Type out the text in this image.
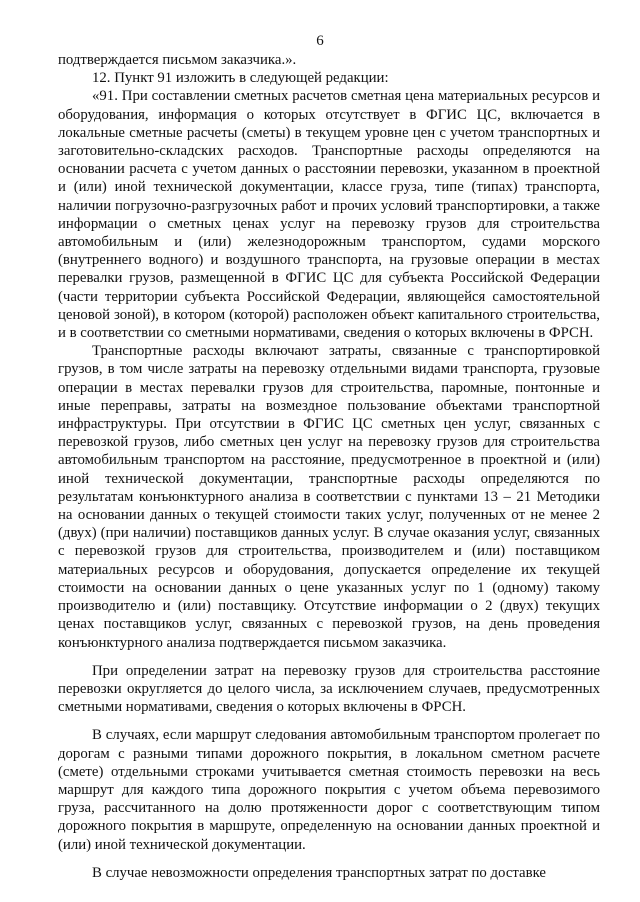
6

подтверждается письмом заказчика.».

12. Пункт 91 изложить в следующей редакции:

«91. При составлении сметных расчетов сметная цена материальных ресурсов и оборудования, информация о которых отсутствует в ФГИС ЦС, включается в локальные сметные расчеты (сметы) в текущем уровне цен с учетом транспортных и заготовительно-складских расходов. Транспортные расходы определяются на основании расчета с учетом данных о расстоянии перевозки, указанном в проектной и (или) иной технической документации, классе груза, типе (типах) транспорта, наличии погрузочно-разгрузочных работ и прочих условий транспортировки, а также информации о сметных ценах услуг на перевозку грузов для строительства автомобильным и (или) железнодорожным транспортом, судами морского (внутреннего водного) и воздушного транспорта, на грузовые операции в местах перевалки грузов, размещенной в ФГИС ЦС для субъекта Российской Федерации (части территории субъекта Российской Федерации, являющейся самостоятельной ценовой зоной), в котором (которой) расположен объект капитального строительства, и в соответствии со сметными нормативами, сведения о которых включены в ФРСН.

Транспортные расходы включают затраты, связанные с транспортировкой грузов, в том числе затраты на перевозку отдельными видами транспорта, грузовые операции в местах перевалки грузов для строительства, паромные, понтонные и иные переправы, затраты на возмездное пользование объектами транспортной инфраструктуры. При отсутствии в ФГИС ЦС сметных цен услуг, связанных с перевозкой грузов, либо сметных цен услуг на перевозку грузов для строительства автомобильным транспортом на расстояние, предусмотренное в проектной и (или) иной технической документации, транспортные расходы определяются по результатам конъюнктурного анализа в соответствии с пунктами 13 – 21 Методики на основании данных о текущей стоимости таких услуг, полученных от не менее 2 (двух) (при наличии) поставщиков данных услуг. В случае оказания услуг, связанных с перевозкой грузов для строительства, производителем и (или) поставщиком материальных ресурсов и оборудования, допускается определение их текущей стоимости на основании данных о цене указанных услуг по 1 (одному) такому производителю и (или) поставщику. Отсутствие информации о 2 (двух) текущих ценах поставщиков услуг, связанных с перевозкой грузов, на день проведения конъюнктурного анализа подтверждается письмом заказчика.

При определении затрат на перевозку грузов для строительства расстояние перевозки округляется до целого числа, за исключением случаев, предусмотренных сметными нормативами, сведения о которых включены в ФРСН.

В случаях, если маршрут следования автомобильным транспортом пролегает по дорогам с разными типами дорожного покрытия, в локальном сметном расчете (смете) отдельными строками учитывается сметная стоимость перевозки на весь маршрут для каждого типа дорожного покрытия с учетом объема перевозимого груза, рассчитанного на долю протяженности дорог с соответствующим типом дорожного покрытия в маршруте, определенную на основании данных проектной и (или) иной технической документации.

В случае невозможности определения транспортных затрат по доставке
